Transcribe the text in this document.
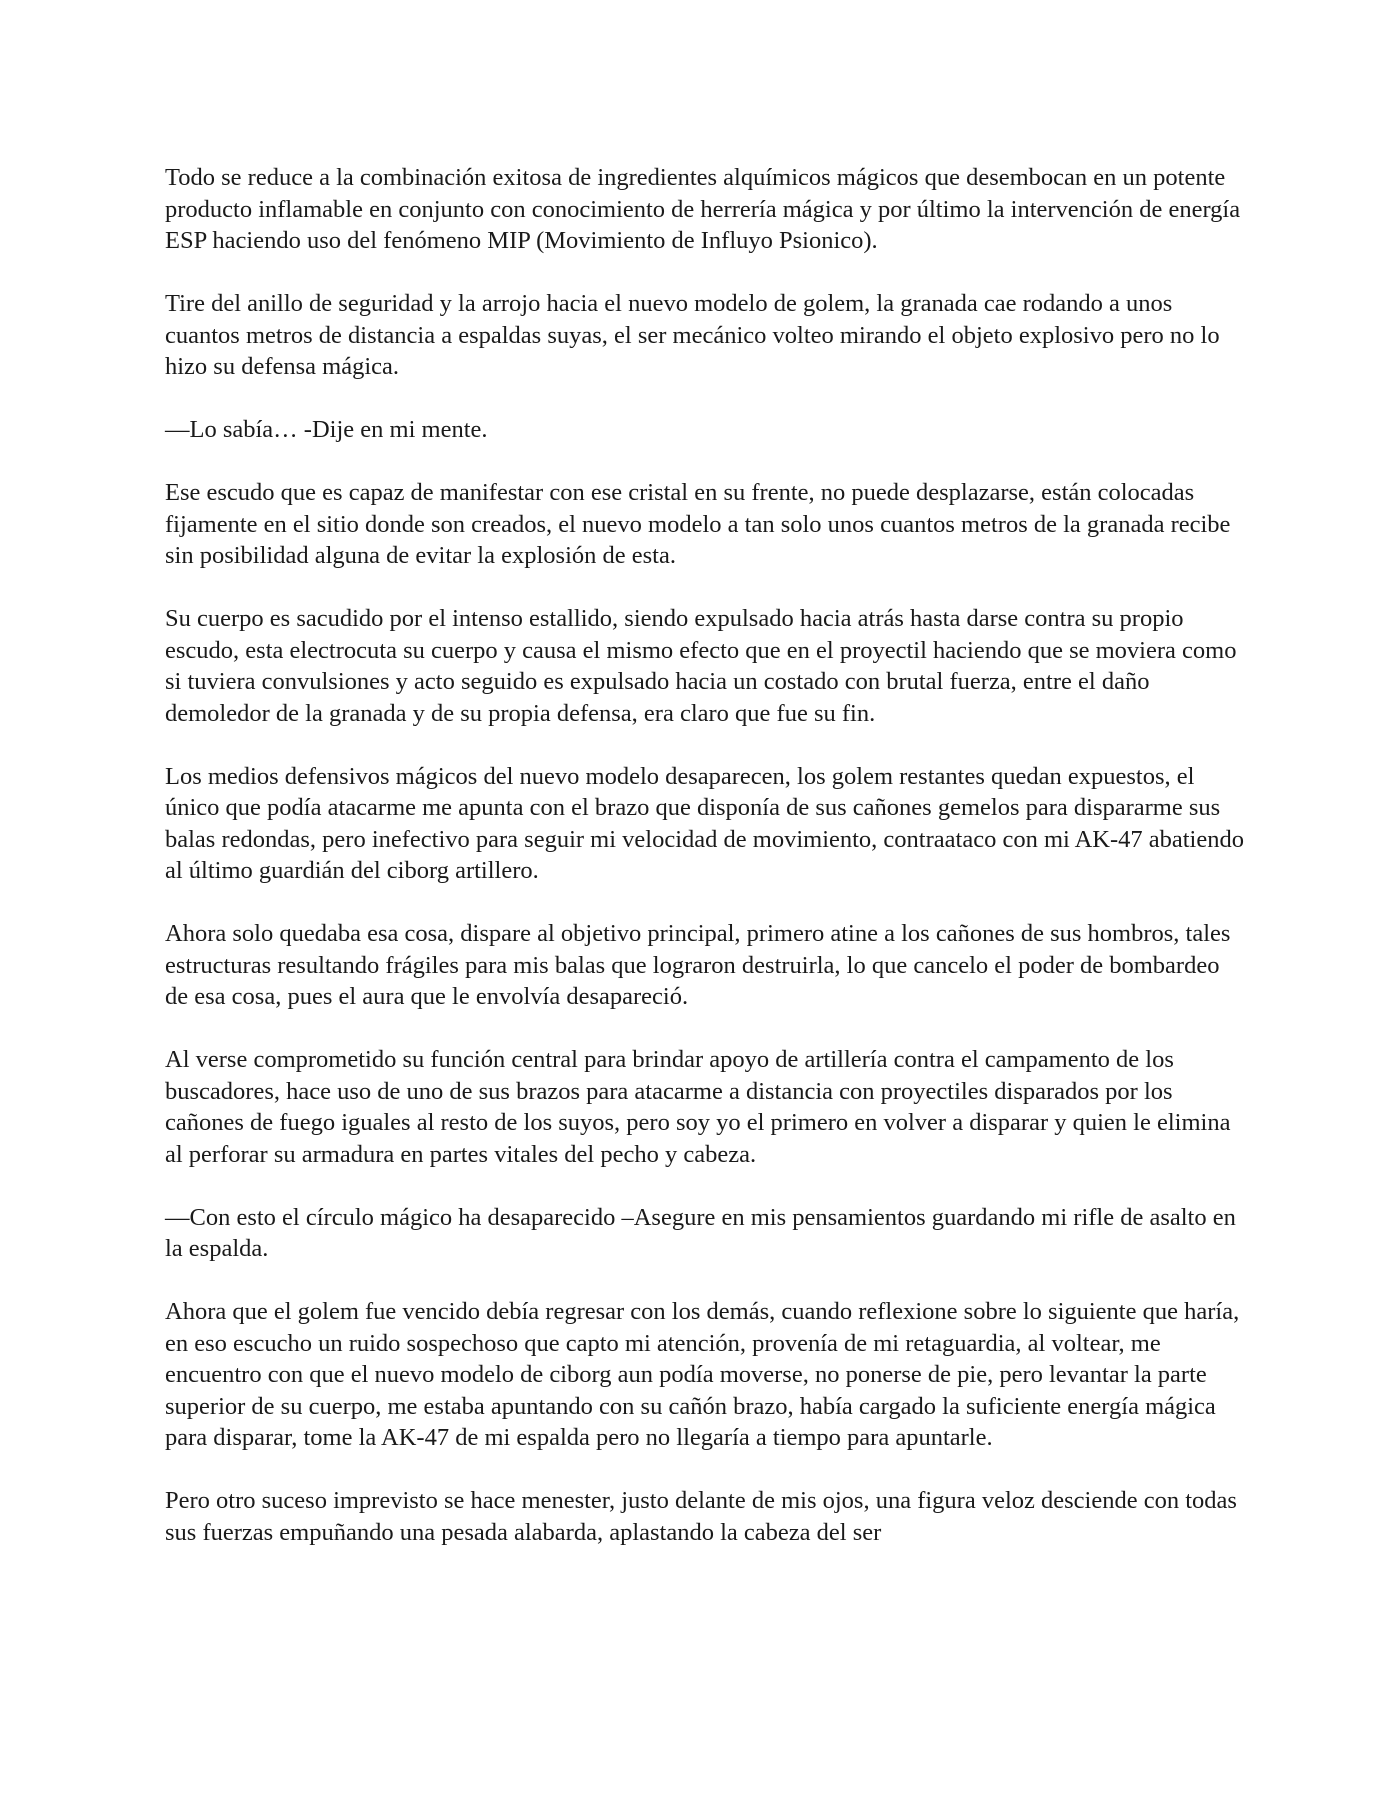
Todo se reduce a la combinación exitosa de ingredientes alquímicos mágicos que desembocan en un potente producto inflamable en conjunto con conocimiento de herrería mágica y por último la intervención de energía ESP haciendo uso del fenómeno MIP (Movimiento de Influyo Psionico).

Tire del anillo de seguridad y la arrojo hacia el nuevo modelo de golem, la granada cae rodando a unos cuantos metros de distancia a espaldas suyas, el ser mecánico volteo mirando el objeto explosivo pero no lo hizo su defensa mágica.

—Lo sabía… -Dije en mi mente.

Ese escudo que es capaz de manifestar con ese cristal en su frente, no puede desplazarse, están colocadas fijamente en el sitio donde son creados, el nuevo modelo a tan solo unos cuantos metros de la granada recibe sin posibilidad alguna de evitar la explosión de esta.

Su cuerpo es sacudido por el intenso estallido, siendo expulsado hacia atrás hasta darse contra su propio escudo, esta electrocuta su cuerpo y causa el mismo efecto que en el proyectil haciendo que se moviera como si tuviera convulsiones y acto seguido es expulsado hacia un costado con brutal fuerza, entre el daño demoledor de la granada y de su propia defensa, era claro que fue su fin.

Los medios defensivos mágicos del nuevo modelo desaparecen, los golem restantes quedan expuestos, el único que podía atacarme me apunta con el brazo que disponía de sus cañones gemelos para dispararme sus balas redondas, pero inefectivo para seguir mi velocidad de movimiento, contraataco con mi AK-47 abatiendo al último guardián del ciborg artillero.

Ahora solo quedaba esa cosa, dispare al objetivo principal, primero atine a los cañones de sus hombros, tales estructuras resultando frágiles para mis balas que lograron destruirla, lo que cancelo el poder de bombardeo de esa cosa, pues el aura que le envolvía desapareció.

Al verse comprometido su función central para brindar apoyo de artillería contra el campamento de los buscadores, hace uso de uno de sus brazos para atacarme a distancia con proyectiles disparados por los cañones de fuego iguales al resto de los suyos, pero soy yo el primero en volver a disparar y quien le elimina al perforar su armadura en partes vitales del pecho y cabeza.

—Con esto el círculo mágico ha desaparecido –Asegure en mis pensamientos guardando mi rifle de asalto en la espalda.

Ahora que el golem fue vencido debía regresar con los demás, cuando reflexione sobre lo siguiente que haría, en eso escucho un ruido sospechoso que capto mi atención, provenía de mi retaguardia, al voltear, me encuentro con que el nuevo modelo de ciborg aun podía moverse, no ponerse de pie, pero levantar la parte superior de su cuerpo, me estaba apuntando con su cañón brazo, había cargado la suficiente energía mágica para disparar, tome la AK-47 de mi espalda pero no llegaría a tiempo para apuntarle.

Pero otro suceso imprevisto se hace menester, justo delante de mis ojos, una figura veloz desciende con todas sus fuerzas empuñando una pesada alabarda, aplastando la cabeza del ser
